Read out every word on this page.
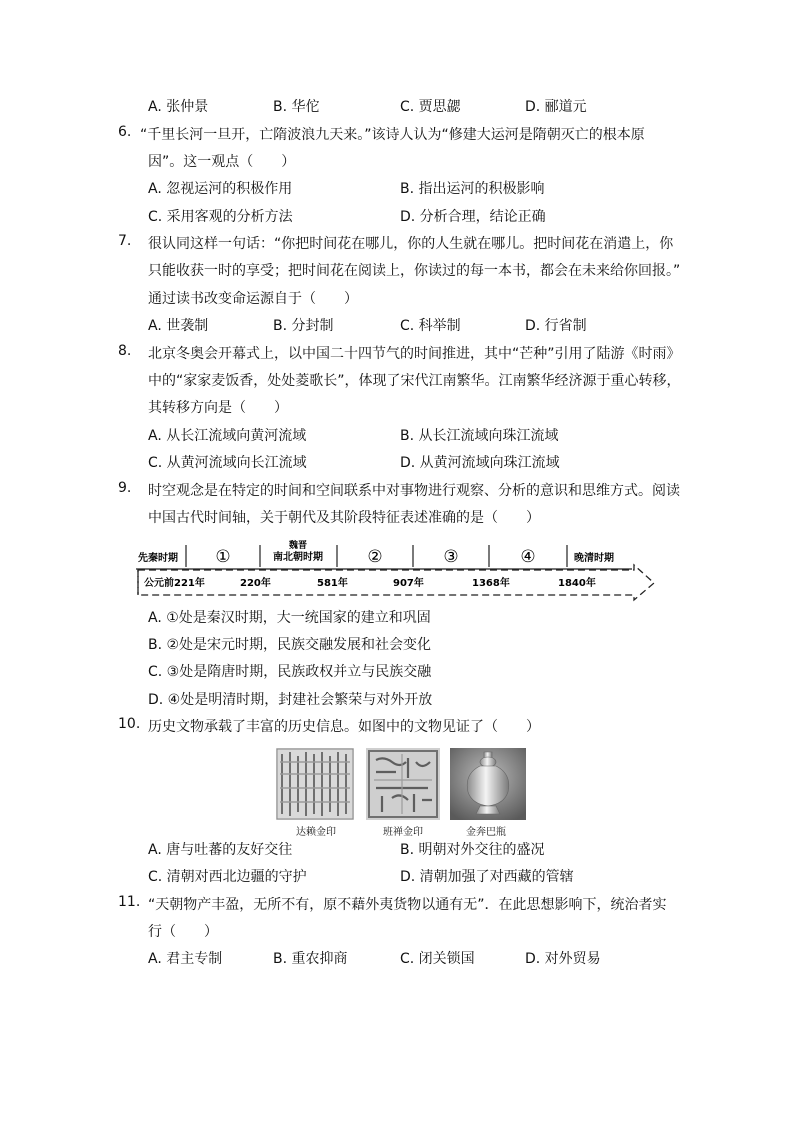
A. 张仲景	B. 华佗	C. 贾思勰	D. 郦道元
6. “千里长河一旦开，亡隋波浪九天来。”该诗人认为“修建大运河是隋朝灭亡的根本原
因”。这一观点（　　）
A. 忽视运河的积极作用	B. 指出运河的积极影响
C. 采用客观的分析方法	D. 分析合理，结论正确
7. 很认同这样一句话：“你把时间花在哪儿，你的人生就在哪儿。把时间花在消遣上，你
只能收获一时的享受；把时间花在阅读上，你读过的每一本书，都会在未来给你回报。”
通过读书改变命运源自于（　　）
A. 世袭制	B. 分封制	C. 科举制	D. 行省制
8. 北京冬奥会开幕式上，以中国二十四节气的时间推进，其中“芒种”引用了陆游《时雨》
中的“家家麦饭香，处处菱歌长”，体现了宋代江南繁华。江南繁华经济源于重心转移，
其转移方向是（　　）
A. 从长江流域向黄河流域	B. 从长江流域向珠江流域
C. 从黄河流域向长江流域	D. 从黄河流域向珠江流域
9. 时空观念是在特定的时间和空间联系中对事物进行观察、分析的意识和思维方式。阅读
中国古代时间轴，关于朝代及其阶段特征表述准确的是（　　）
先秦时期 ①
魏晋
南北朝时期	②	③	④	晚清时期
公元前221年	220年	581年	907年	1368年	1840年
A. ①处是秦汉时期，大一统国家的建立和巩固
B. ②处是宋元时期，民族交融发展和社会变化
C. ③处是隋唐时期，民族政权并立与民族交融
D. ④处是明清时期，封建社会繁荣与对外开放
10. 历史文物承载了丰富的历史信息。如图中的文物见证了（　　）
达赖金印	班禅金印	金奔巴瓶
A. 唐与吐蕃的友好交往	B. 明朝对外交往的盛况
C. 清朝对西北边疆的守护	D. 清朝加强了对西藏的管辖
11. “天朝物产丰盈，无所不有，原不藉外夷货物以通有无”．在此思想影响下，统治者实
行（　　）
A. 君主专制	B. 重农抑商	C. 闭关锁国	D. 对外贸易
